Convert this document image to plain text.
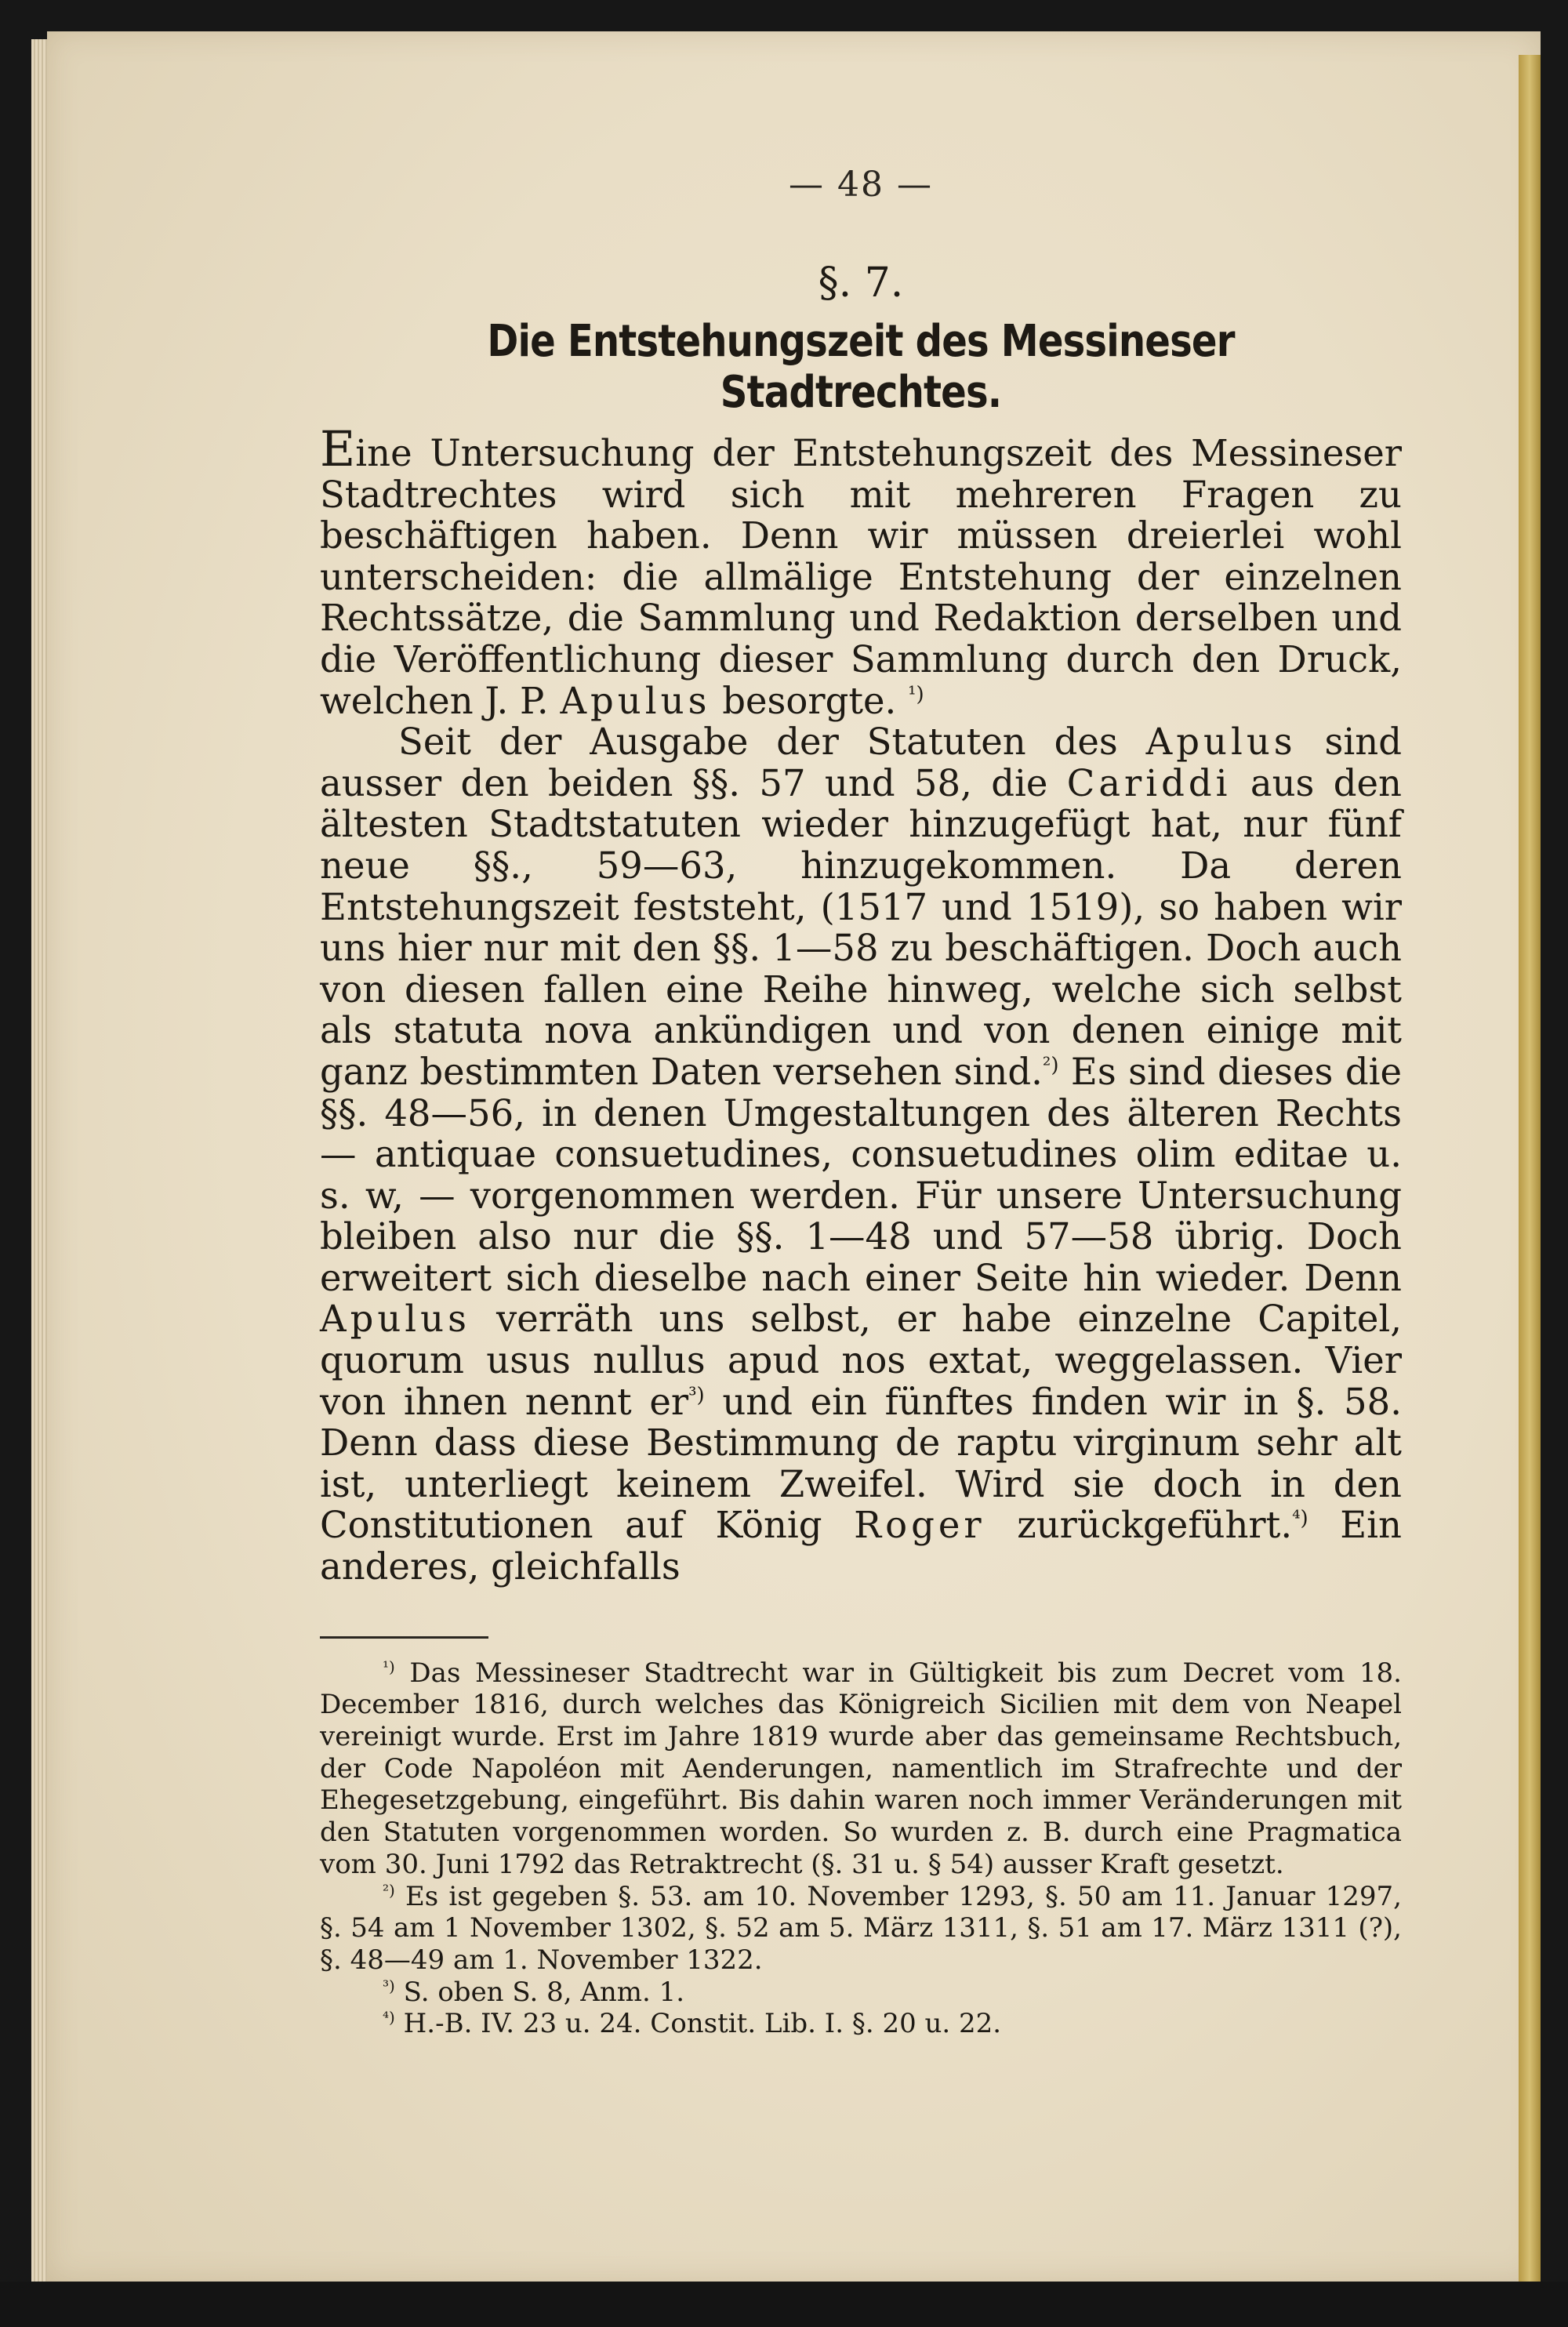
— 48 —
§. 7.
Die Entstehungszeit des Messineser Stadtrechtes.

Eine Untersuchung der Entstehungszeit des Messineser Stadtrechtes wird sich mit mehreren Fragen zu beschäftigen haben. Denn wir müssen dreierlei wohl unterscheiden: die allmälige Entstehung der einzelnen Rechtssätze, die Sammlung und Redaktion derselben und die Veröffentlichung dieser Sammlung durch den Druck, welchen J. P. Apulus besorgte. $^{^1)}$

Seit der Ausgabe der Statuten des Apulus sind ausser den beiden §§. 57 und 58, die Cariddi aus den ältesten Stadtstatuten wieder hinzugefügt hat, nur fünf neue §§., 59—63, hinzugekommen. Da deren Entstehungszeit feststeht, (1517 und 1519), so haben wir uns hier nur mit den §§. 1—58 zu beschäftigen. Doch auch von diesen fallen eine Reihe hinweg, welche sich selbst als statuta nova ankündigen und von denen einige mit ganz bestimmten Daten versehen sind.$^{^2)}$ Es sind dieses die §§. 48—56, in denen Umgestaltungen des älteren Rechts — antiquae consuetudines, consuetudines olim editae u. s. w, — vorgenommen werden. Für unsere Untersuchung bleiben also nur die §§. 1—48 und 57—58 übrig. Doch erweitert sich dieselbe nach einer Seite hin wieder. Denn Apulus verräth uns selbst, er habe einzelne Capitel, quorum usus nullus apud nos extat, weggelassen. Vier von ihnen nennt er$^{^3)}$ und ein fünftes finden wir in §. 58. Denn dass diese Bestimmung de raptu virginum sehr alt ist, unterliegt keinem Zweifel. Wird sie doch in den Constitutionen auf König Roger zurückgeführt.$^{^4)}$ Ein anderes, gleichfalls

$^{^1)}$ Das Messineser Stadtrecht war in Gültigkeit bis zum Decret vom 18. December 1816, durch welches das Königreich Sicilien mit dem von Neapel vereinigt wurde. Erst im Jahre 1819 wurde aber das gemeinsame Rechtsbuch, der Code Napoléon mit Aenderungen, namentlich im Strafrechte und der Ehegesetzgebung, eingeführt. Bis dahin waren noch immer Veränderungen mit den Statuten vorgenommen worden. So wurden z. B. durch eine Pragmatica vom 30. Juni 1792 das Retraktrecht (§. 31 u. § 54) ausser Kraft gesetzt.

$^{^2)}$ Es ist gegeben §. 53. am 10. November 1293, §. 50 am 11. Januar 1297, §. 54 am 1 November 1302, §. 52 am 5. März 1311, §. 51 am 17. März 1311 (?), §. 48—49 am 1. November 1322.

$^{^3)}$ S. oben S. 8, Anm. 1.

$^{^4)}$ H.-B. IV. 23 u. 24. Constit. Lib. I. §. 20 u. 22.
